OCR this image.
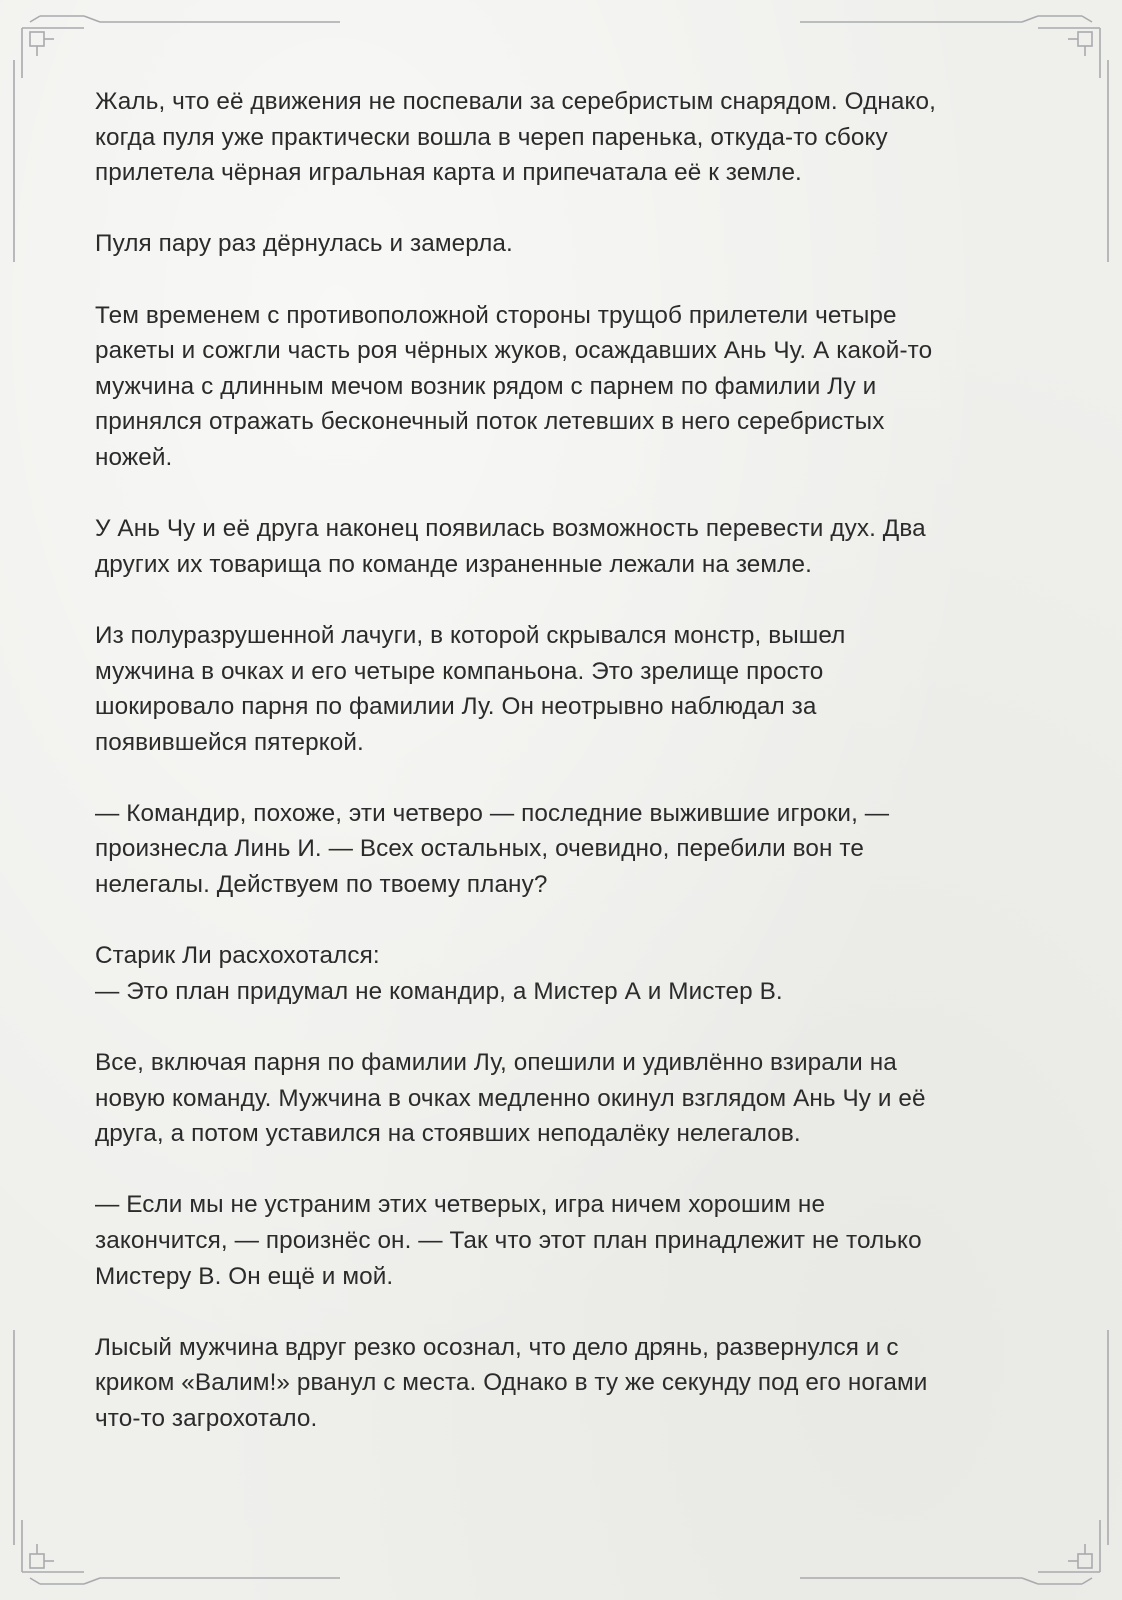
Жаль, что её движения не поспевали за серебристым снарядом. Однако,
когда пуля уже практически вошла в череп паренька, откуда-то сбоку
прилетела чёрная игральная карта и припечатала её к земле.

Пуля пару раз дёрнулась и замерла.

Тем временем с противоположной стороны трущоб прилетели четыре
ракеты и сожгли часть роя чёрных жуков, осаждавших Ань Чу. А какой-то
мужчина с длинным мечом возник рядом с парнем по фамилии Лу и
принялся отражать бесконечный поток летевших в него серебристых
ножей.

У Ань Чу и её друга наконец появилась возможность перевести дух. Два
других их товарища по команде израненные лежали на земле.

Из полуразрушенной лачуги, в которой скрывался монстр, вышел
мужчина в очках и его четыре компаньона. Это зрелище просто
шокировало парня по фамилии Лу. Он неотрывно наблюдал за
появившейся пятеркой.

— Командир, похоже, эти четверо — последние выжившие игроки, —
произнесла Линь И. — Всех остальных, очевидно, перебили вон те
нелегалы. Действуем по твоему плану?

Старик Ли расхохотался:
— Это план придумал не командир, а Мистер А и Мистер В.

Все, включая парня по фамилии Лу, опешили и удивлённо взирали на
новую команду. Мужчина в очках медленно окинул взглядом Ань Чу и её
друга, а потом уставился на стоявших неподалёку нелегалов.

— Если мы не устраним этих четверых, игра ничем хорошим не
закончится, — произнёс он. — Так что этот план принадлежит не только
Мистеру В. Он ещё и мой.

Лысый мужчина вдруг резко осознал, что дело дрянь, развернулся и с
криком «Валим!» рванул с места. Однако в ту же секунду под его ногами
что-то загрохотало.
